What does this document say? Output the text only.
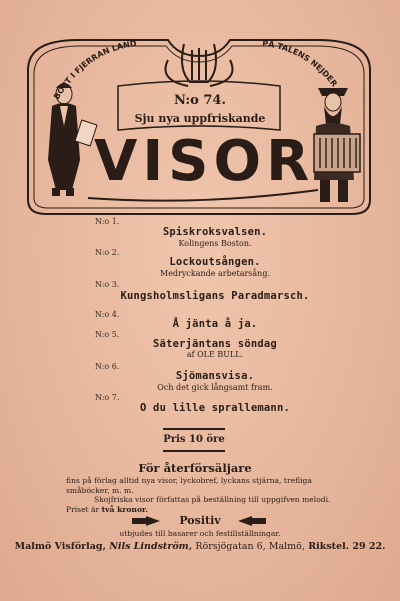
BORT I FJERRAN LAND	PÅ TALENS NEJDER
N:o 74.
Sju nya uppfriskande
VISOR
N:o 1.
Spiskroksvalsen.
Kolingens Boston.
N:o 2.
Lockoutsången.
Medryckande arbetarsång.
N:o 3.
Kungsholmsligans Paradmarsch.
N:o 4.
Å jänta å ja.
N:o 5.
Säterjäntans söndag
af OLE BULL.
N:o 6.
Sjömansvisa.
Och det gick långsamt fram.
N:o 7.
O du lille sprallemann.
Pris 10 öre
För återförsäljare
fins på förlag alltid nya visor, lyckobref, lyckans stjärna, trefliga
småböcker, m. m.
Skojfriska visor författas på beställning till uppgifven melodi.
Priset är två kronor.
Positiv
utbjudes till basarer och festillställningar.
Malmö Visförlag, Nils Lindström, Rörsjögatan 6, Malmö, Rikstel. 29 22.
